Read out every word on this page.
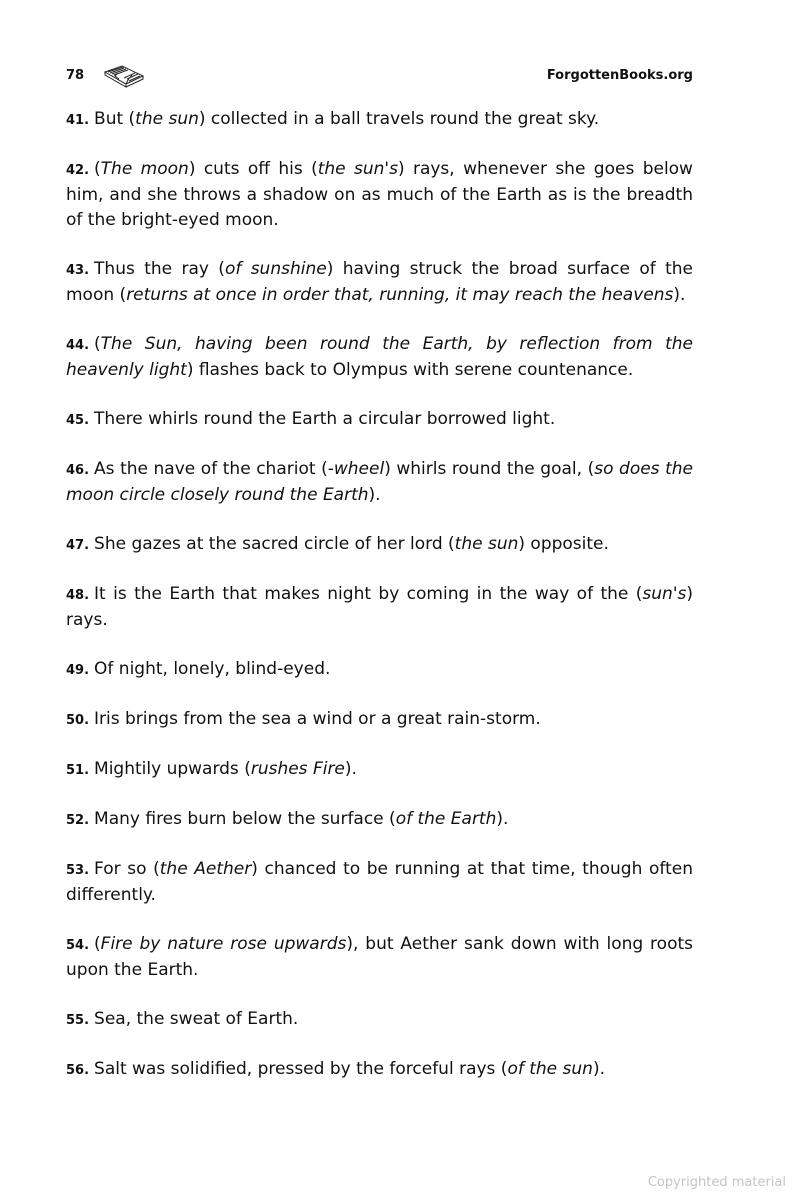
78	ForgottenBooks.org

41. But (the sun) collected in a ball travels round the great sky.

42. (The moon) cuts off his (the sun's) rays, whenever she goes below him, and she throws a shadow on as much of the Earth as is the breadth of the bright-eyed moon.

43. Thus the ray (of sunshine) having struck the broad surface of the moon (returns at once in order that, running, it may reach the heavens).

44. (The Sun, having been round the Earth, by reflection from the heavenly light) flashes back to Olympus with serene countenance.

45. There whirls round the Earth a circular borrowed light.

46. As the nave of the chariot (-wheel) whirls round the goal, (so does the moon circle closely round the Earth).

47. She gazes at the sacred circle of her lord (the sun) opposite.

48. It is the Earth that makes night by coming in the way of the (sun's) rays.

49. Of night, lonely, blind-eyed.

50. Iris brings from the sea a wind or a great rain-storm.

51. Mightily upwards (rushes Fire).

52. Many fires burn below the surface (of the Earth).

53. For so (the Aether) chanced to be running at that time, though often differently.

54. (Fire by nature rose upwards), but Aether sank down with long roots upon the Earth.

55. Sea, the sweat of Earth.

56. Salt was solidified, pressed by the forceful rays (of the sun).

Copyrighted material
